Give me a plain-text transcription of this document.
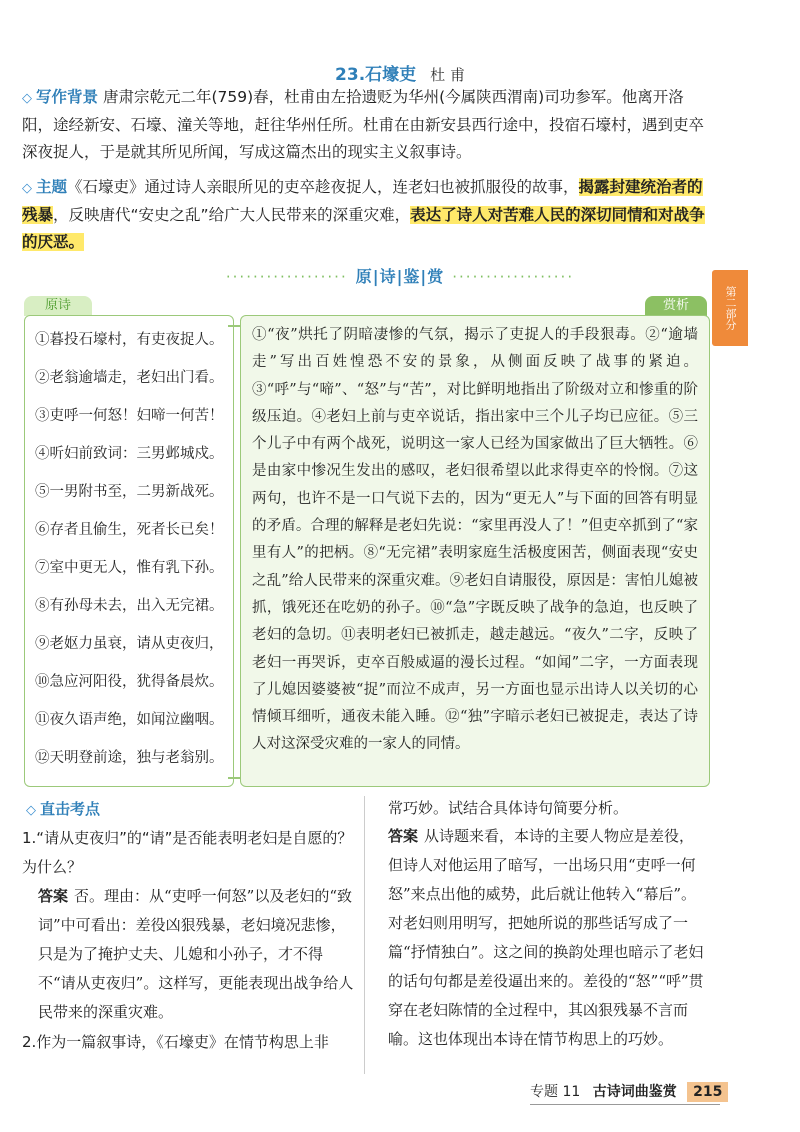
23.石壕吏 杜 甫
◇ 写作背景 唐肃宗乾元二年(759)春，杜甫由左拾遗贬为华州(今属陕西渭南)司功参军。他离开洛阳，途经新安、石壕、潼关等地，赶往华州任所。杜甫在由新安县西行途中，投宿石壕村，遇到吏卒深夜捉人，于是就其所见所闻，写成这篇杰出的现实主义叙事诗。
◇ 主题《石壕吏》通过诗人亲眼所见的吏卒趁夜捉人，连老妇也被抓服役的故事，揭露封建统治者的残暴，反映唐代“安史之乱”给广大人民带来的深重灾难，表达了诗人对苦难人民的深切同情和对战争的厌恶。
·················· 原|诗|鉴|赏 ··················
第二部分
原诗	赏析
①暮投石壕村，有吏夜捉人。
②老翁逾墙走，老妇出门看。
③吏呼一何怒！妇啼一何苦！
④听妇前致词：三男邺城戍。
⑤一男附书至，二男新战死。
⑥存者且偷生，死者长已矣！
⑦室中更无人，惟有乳下孙。
⑧有孙母未去，出入无完裙。
⑨老妪力虽衰，请从吏夜归，
⑩急应河阳役，犹得备晨炊。
⑪夜久语声绝，如闻泣幽咽。
⑫天明登前途，独与老翁别。
①“夜”烘托了阴暗凄惨的气氛，揭示了吏捉人的手段狠毒。②“逾墙走”写出百姓惶恐不安的景象，从侧面反映了战事的紧迫。③“呼”与“啼”、“怒”与“苦”，对比鲜明地指出了阶级对立和惨重的阶级压迫。④老妇上前与吏卒说话，指出家中三个儿子均已应征。⑤三个儿子中有两个战死，说明这一家人已经为国家做出了巨大牺牲。⑥是由家中惨况生发出的感叹，老妇很希望以此求得吏卒的怜悯。⑦这两句，也许不是一口气说下去的，因为“更无人”与下面的回答有明显的矛盾。合理的解释是老妇先说：“家里再没人了！”但吏卒抓到了“家里有人”的把柄。⑧“无完裙”表明家庭生活极度困苦，侧面表现“安史之乱”给人民带来的深重灾难。⑨老妇自请服役，原因是：害怕儿媳被抓，饿死还在吃奶的孙子。⑩“急”字既反映了战争的急迫，也反映了老妇的急切。⑪表明老妇已被抓走，越走越远。“夜久”二字，反映了老妇一再哭诉，吏卒百般威逼的漫长过程。“如闻”二字，一方面表现了儿媳因婆婆被“捉”而泣不成声，另一方面也显示出诗人以关切的心情倾耳细听，通夜未能入睡。⑫“独”字暗示老妇已被捉走，表达了诗人对这深受灾难的一家人的同情。
◇ 直击考点
1.“请从吏夜归”的“请”是否能表明老妇是自愿的？为什么？
答案 否。理由：从“吏呼一何怒”以及老妇的“致词”中可看出：差役凶狠残暴，老妇境况悲惨，只是为了掩护丈夫、儿媳和小孙子，才不得不“请从吏夜归”。这样写，更能表现出战争给人民带来的深重灾难。
2.作为一篇叙事诗，《石壕吏》在情节构思上非
常巧妙。试结合具体诗句简要分析。
答案 从诗题来看，本诗的主要人物应是差役，但诗人对他运用了暗写，一出场只用“吏呼一何怒”来点出他的威势，此后就让他转入“幕后”。对老妇则用明写，把她所说的那些话写成了一篇“抒情独白”。这之间的换韵处理也暗示了老妇的话句句都是差役逼出来的。差役的“怒”“呼”贯穿在老妇陈情的全过程中，其凶狠残暴不言而喻。这也体现出本诗在情节构思上的巧妙。
专题 11 古诗词曲鉴赏 215
